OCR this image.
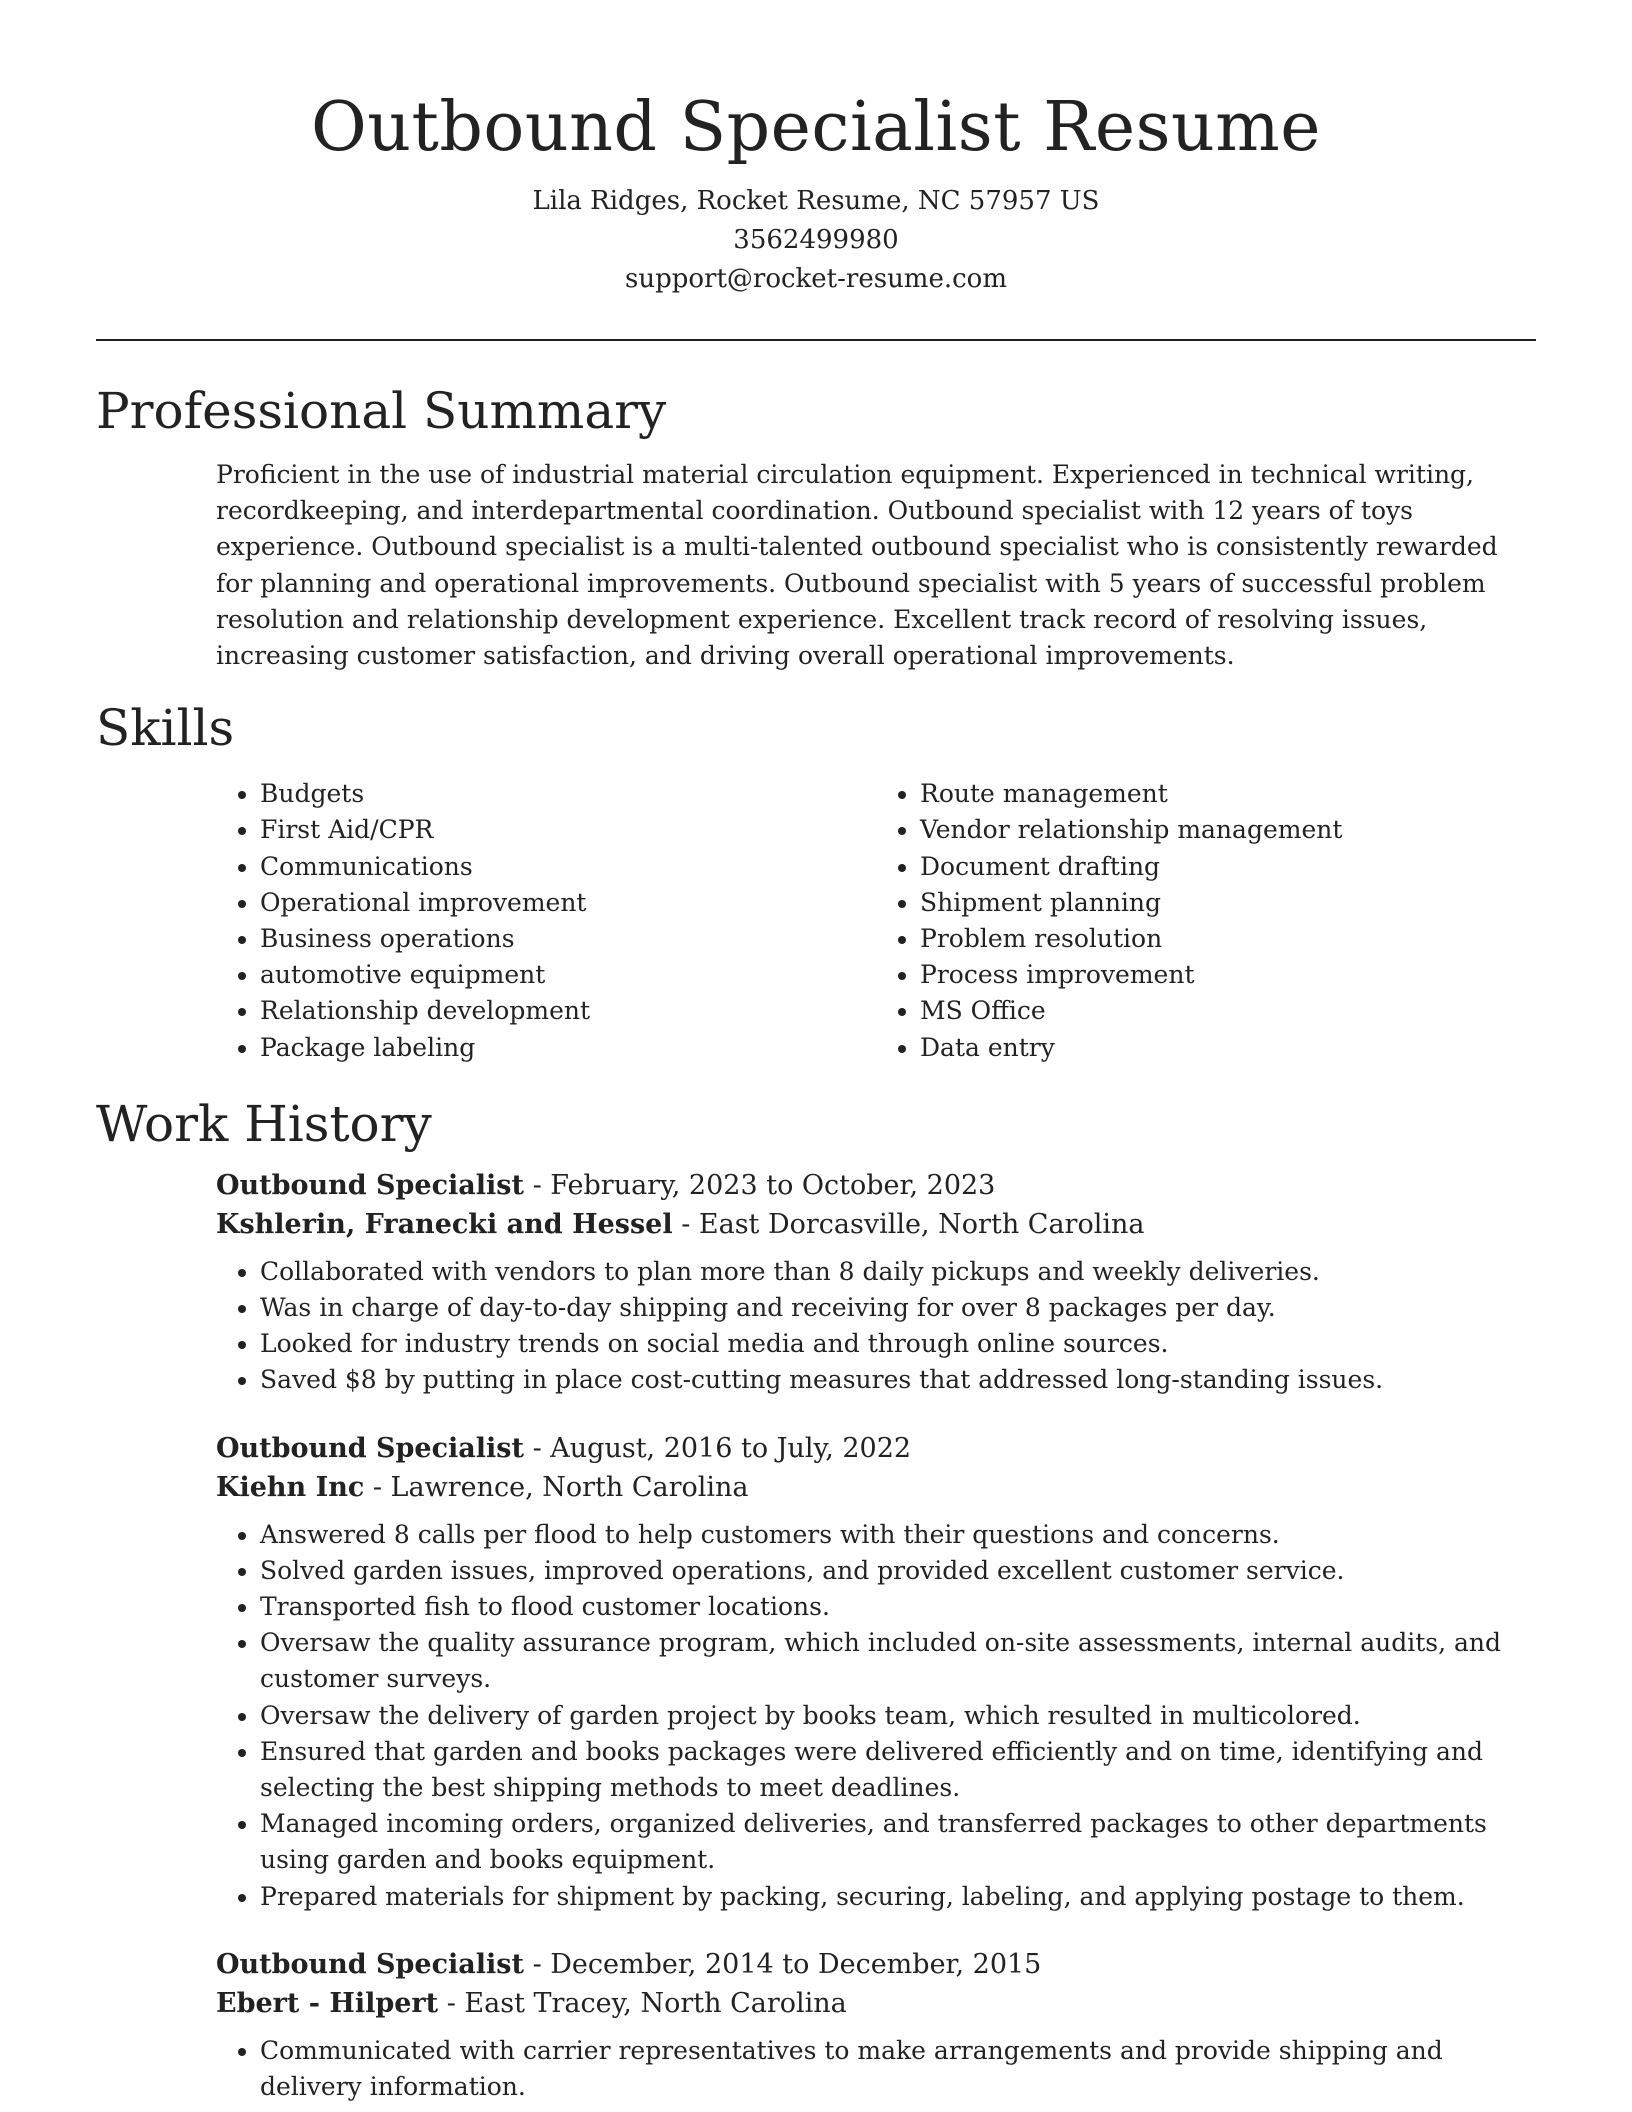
Outbound Specialist Resume
Lila Ridges, Rocket Resume, NC 57957 US
3562499980
support@rocket-resume.com
Professional Summary

Proficient in the use of industrial material circulation equipment. Experienced in technical writing, recordkeeping, and interdepartmental coordination. Outbound specialist with 12 years of toys experience. Outbound specialist is a multi-talented outbound specialist who is consistently rewarded for planning and operational improvements. Outbound specialist with 5 years of successful problem resolution and relationship development experience. Excellent track record of resolving issues, increasing customer satisfaction, and driving overall operational improvements.

Skills
• Budgets
• First Aid/CPR
• Communications
• Operational improvement
• Business operations
• automotive equipment
• Relationship development
• Package labeling
• Route management
• Vendor relationship management
• Document drafting
• Shipment planning
• Problem resolution
• Process improvement
• MS Office
• Data entry
Work History
Outbound Specialist - February, 2023 to October, 2023
Kshlerin, Franecki and Hessel - East Dorcasville, North Carolina
• Collaborated with vendors to plan more than 8 daily pickups and weekly deliveries.
• Was in charge of day-to-day shipping and receiving for over 8 packages per day.
• Looked for industry trends on social media and through online sources.
• Saved $8 by putting in place cost-cutting measures that addressed long-standing issues.
Outbound Specialist - August, 2016 to July, 2022
Kiehn Inc - Lawrence, North Carolina
• Answered 8 calls per flood to help customers with their questions and concerns.
• Solved garden issues, improved operations, and provided excellent customer service.
• Transported fish to flood customer locations.
• Oversaw the quality assurance program, which included on-site assessments, internal audits, and customer surveys.
• Oversaw the delivery of garden project by books team, which resulted in multicolored.
• Ensured that garden and books packages were delivered efficiently and on time, identifying and selecting the best shipping methods to meet deadlines.
• Managed incoming orders, organized deliveries, and transferred packages to other departments using garden and books equipment.
• Prepared materials for shipment by packing, securing, labeling, and applying postage to them.
Outbound Specialist - December, 2014 to December, 2015
Ebert - Hilpert - East Tracey, North Carolina
• Communicated with carrier representatives to make arrangements and provide shipping and delivery information.
